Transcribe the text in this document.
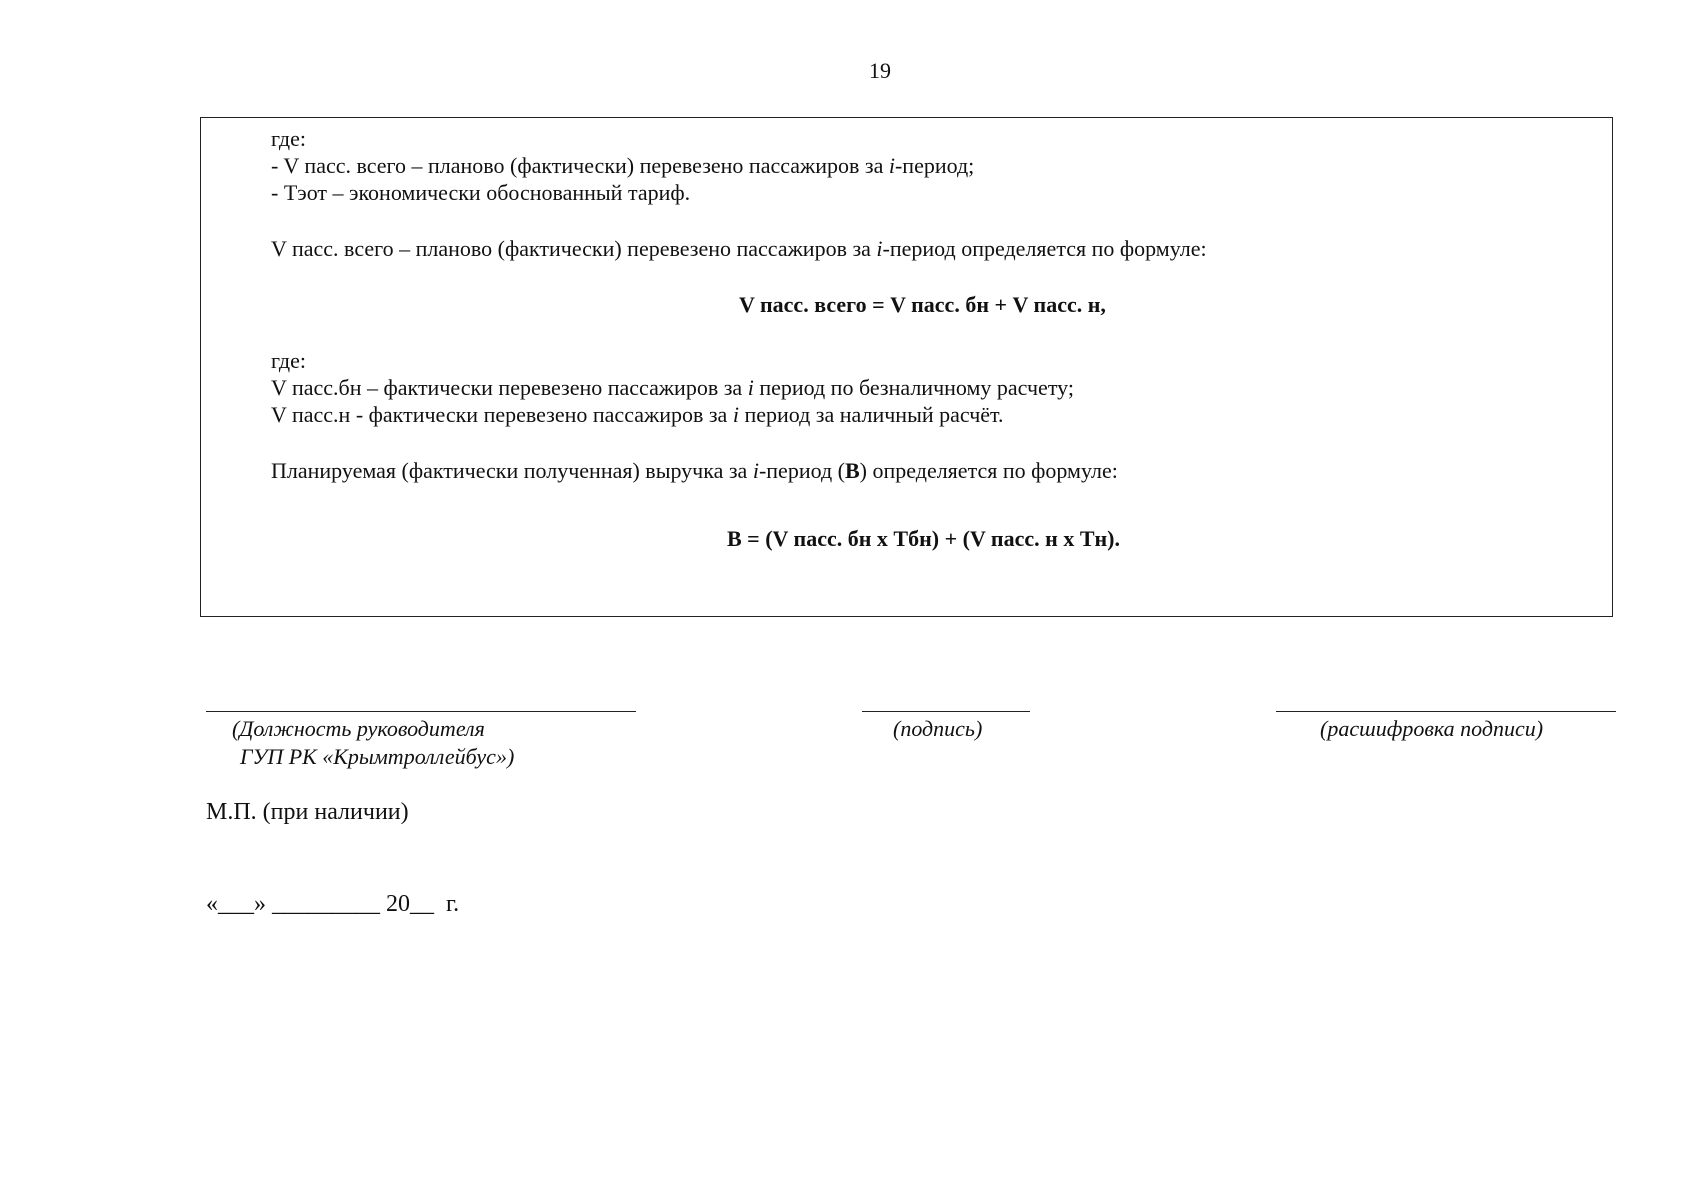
19
где:
- V пасс. всего – планово (фактически) перевезено пассажиров за i-период;
- Тэот – экономически обоснованный тариф.
V пасс. всего – планово (фактически) перевезено пассажиров за i-период определяется по формуле:
V пасс. всего = V пасс. бн + V пасс. н,
где:
V пасс.бн – фактически перевезено пассажиров за i период по безналичному расчету;
V пасс.н - фактически перевезено пассажиров за i период за наличный расчёт.
Планируемая (фактически полученная) выручка за i-период (В) определяется по формуле:
В = (V пасс. бн х Тбн) + (V пасс. н х Тн).
(Должность руководителя
ГУП РК «Крымтроллейбус»)
(подпись)	(расшифровка подписи)
М.П. (при наличии)
«___» _________ 20__  г.
